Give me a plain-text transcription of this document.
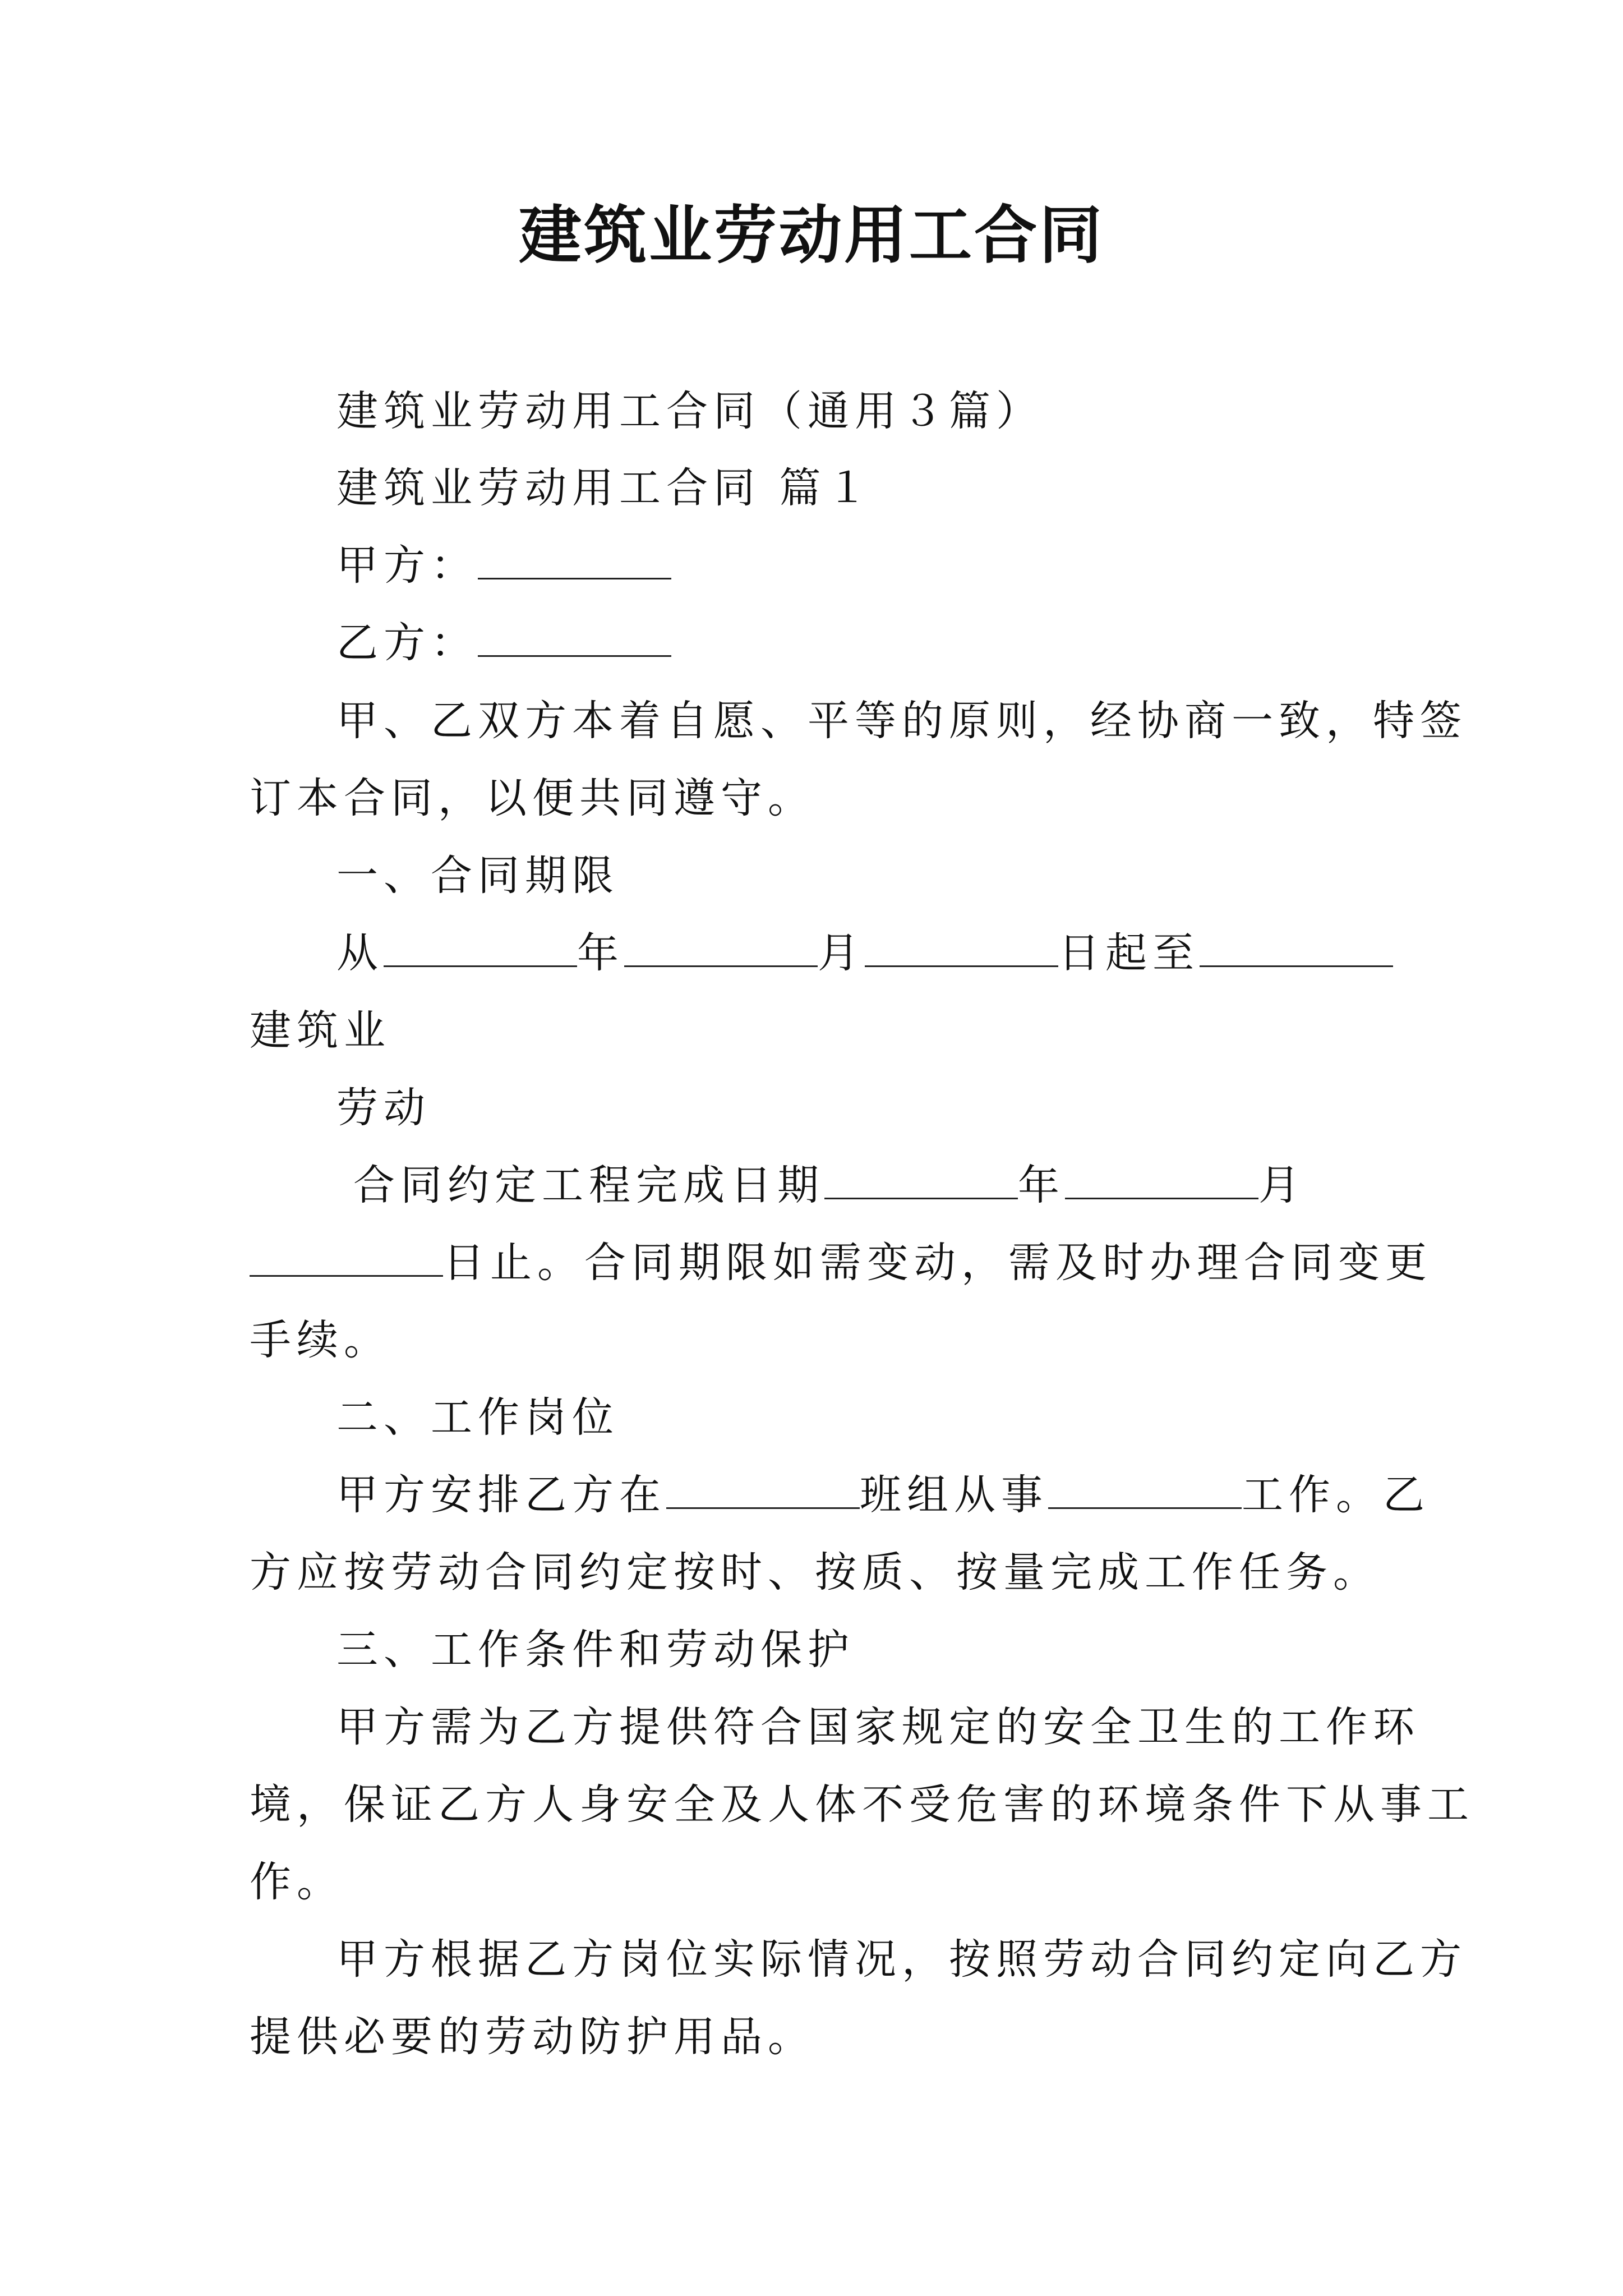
建筑业劳动用工合同
建筑业劳动用工合同（通用３篇）
建筑业劳动用工合同 篇１
甲方：
乙方：
甲、乙双方本着自愿、平等的原则，经协商一致，特签
订本合同，以便共同遵守。
一、合同期限
从	年	月	日起至
建筑业
劳动
合同约定工程完成日期	年	月
日止。合同期限如需变动，需及时办理合同变更
手续。
二、工作岗位
甲方安排乙方在	班组从事	工作。乙
方应按劳动合同约定按时、按质、按量完成工作任务。
三、工作条件和劳动保护
甲方需为乙方提供符合国家规定的安全卫生的工作环
境，保证乙方人身安全及人体不受危害的环境条件下从事工
作。
甲方根据乙方岗位实际情况，按照劳动合同约定向乙方
提供必要的劳动防护用品。
